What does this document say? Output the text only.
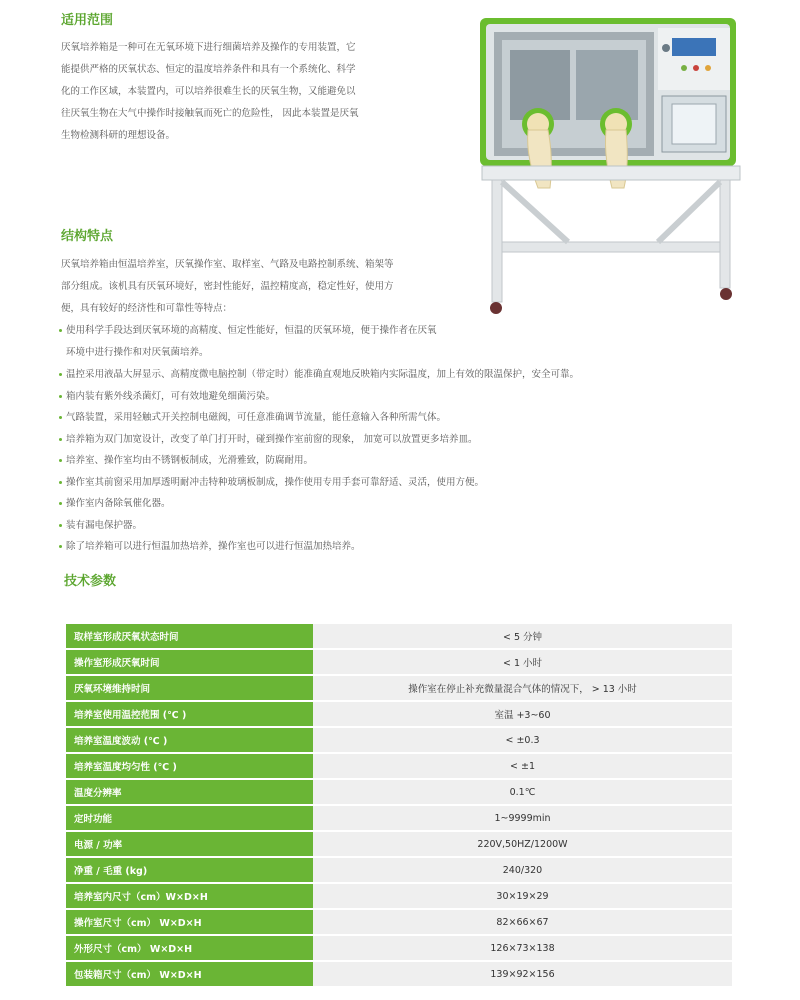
适用范围

厌氧培养箱是一种可在无氧环境下进行细菌培养及操作的专用装置，它
能提供严格的厌氧状态、恒定的温度培养条件和具有一个系统化、科学
化的工作区域，本装置内，可以培养很难生长的厌氧生物，又能避免以
往厌氧生物在大气中操作时接触氧而死亡的危险性， 因此本装置是厌氧
生物检测科研的理想设备。

结构特点

厌氧培养箱由恒温培养室，厌氧操作室、取样室、气路及电路控制系统、箱架等
部分组成。该机具有厌氧环境好，密封性能好，温控精度高，稳定性好，使用方
便，具有较好的经济性和可靠性等特点：

使用科学手段达到厌氧环境的高精度、恒定性能好，恒温的厌氧环境，便于操作者在厌氧环境中进行操作和对厌氧菌培养。
温控采用液晶大屏显示、高精度微电脑控制（带定时）能准确直观地反映箱内实际温度，加上有效的限温保护，安全可靠。
箱内装有紫外线杀菌灯，可有效地避免细菌污染。
气路装置，采用轻触式开关控制电磁阀，可任意准确调节流量，能任意输入各种所需气体。
培养箱为双门加宽设计，改变了单门打开时，碰到操作室前窗的现象， 加宽可以放置更多培养皿。
培养室、操作室均由不锈钢板制成，光滑雅致，防腐耐用。
操作室其前窗采用加厚透明耐冲击特种玻璃板制成，操作使用专用手套可靠舒适、灵活，使用方便。
操作室内备除氧催化器。
装有漏电保护器。
除了培养箱可以进行恒温加热培养，操作室也可以进行恒温加热培养。
技术参数
取样室形成厌氧状态时间	< 5 分钟
操作室形成厌氧时间	< 1 小时
厌氧环境维持时间	操作室在停止补充微量混合气体的情况下， > 13 小时
培养室使用温控范围 (℃ )	室温 +3~60
培养室温度波动 (℃ )	< ±0.3
培养室温度均匀性 (℃ )	< ±1
温度分辨率	0.1℃
定时功能	1~9999min
电源 / 功率	220V,50HZ/1200W
净重 / 毛重 (kg)	240/320
培养室内尺寸（cm）W×D×H	30×19×29
操作室尺寸（cm） W×D×H	82×66×67
外形尺寸（cm） W×D×H	126×73×138
包装箱尺寸（cm） W×D×H	139×92×156
